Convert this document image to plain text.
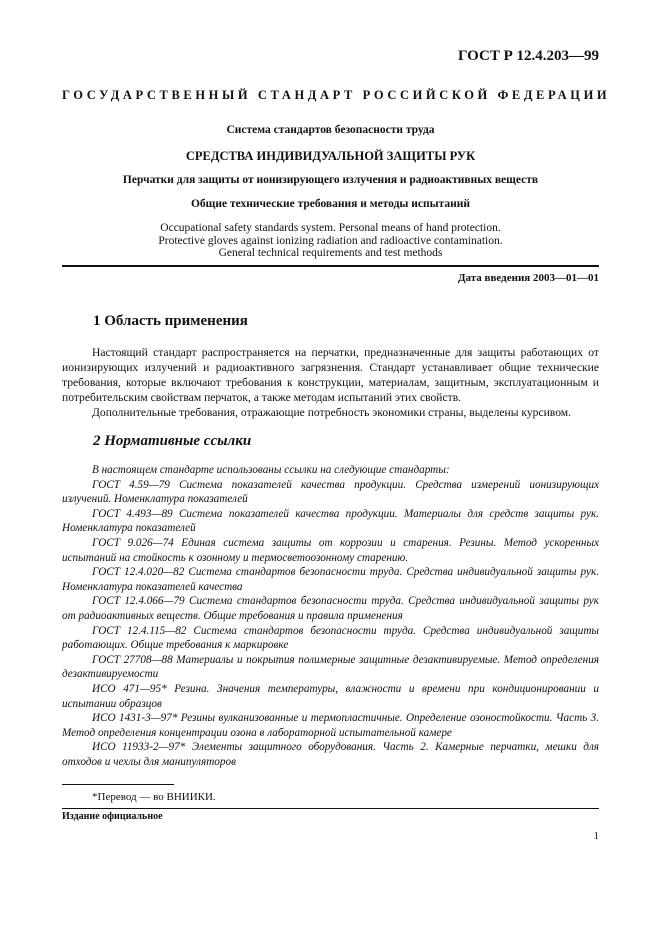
ГОСТ Р 12.4.203—99
ГОСУДАРСТВЕННЫЙ СТАНДАРТ РОССИЙСКОЙ ФЕДЕРАЦИИ
Система стандартов безопасности труда
СРЕДСТВА ИНДИВИДУАЛЬНОЙ ЗАЩИТЫ РУК
Перчатки для защиты от ионизирующего излучения и радиоактивных веществ
Общие технические требования и методы испытаний
Occupational safety standards system. Personal means of hand protection.
Protective gloves against ionizing radiation and radioactive contamination.
General technical requirements and test methods
Дата введения 2003—01—01
1 Область применения

Настоящий стандарт распространяется на перчатки, предназначенные для защиты работающих от ионизирующих излучений и радиоактивного загрязнения. Стандарт устанавливает общие технические требования, которые включают требования к конструкции, материалам, защитным, эксплуатационным и потребительским свойствам перчаток, а также методам испытаний этих свойств.

Дополнительные требования, отражающие потребность экономики страны, выделены курсивом.

2 Нормативные ссылки

В настоящем стандарте использованы ссылки на следующие стандарты:

ГОСТ 4.59—79 Система показателей качества продукции. Средства измерений ионизирующих излучений. Номенклатура показателей

ГОСТ 4.493—89 Система показателей качества продукции. Материалы для средств защиты рук. Номенклатура показателей

ГОСТ 9.026—74 Единая система защиты от коррозии и старения. Резины. Метод ускоренных испытаний на стойкость к озонному и термосветоозонному старению.

ГОСТ 12.4.020—82 Система стандартов безопасности труда. Средства индивидуальной защиты рук. Номенклатура показателей качества

ГОСТ 12.4.066—79 Система стандартов безопасности труда. Средства индивидуальной защиты рук от радиоактивных веществ. Общие требования и правила применения

ГОСТ 12.4.115—82 Система стандартов безопасности труда. Средства индивидуальной защиты работающих. Общие требования к маркировке

ГОСТ 27708—88 Материалы и покрытия полимерные защитные дезактивируемые. Метод определения дезактивируемости

ИСО 471—95* Резина. Значения температуры, влажности и времени при кондиционировании и испытании образцов

ИСО 1431-3—97* Резины вулканизованные и термопластичные. Определение озоностойкости. Часть 3. Метод определения концентрации озона в лабораторной испытательной камере

ИСО 11933-2—97* Элементы защитного оборудования. Часть 2. Камерные перчатки, мешки для отходов и чехлы для манипуляторов

*Перевод — во ВНИИКИ.
Издание официальное
1
